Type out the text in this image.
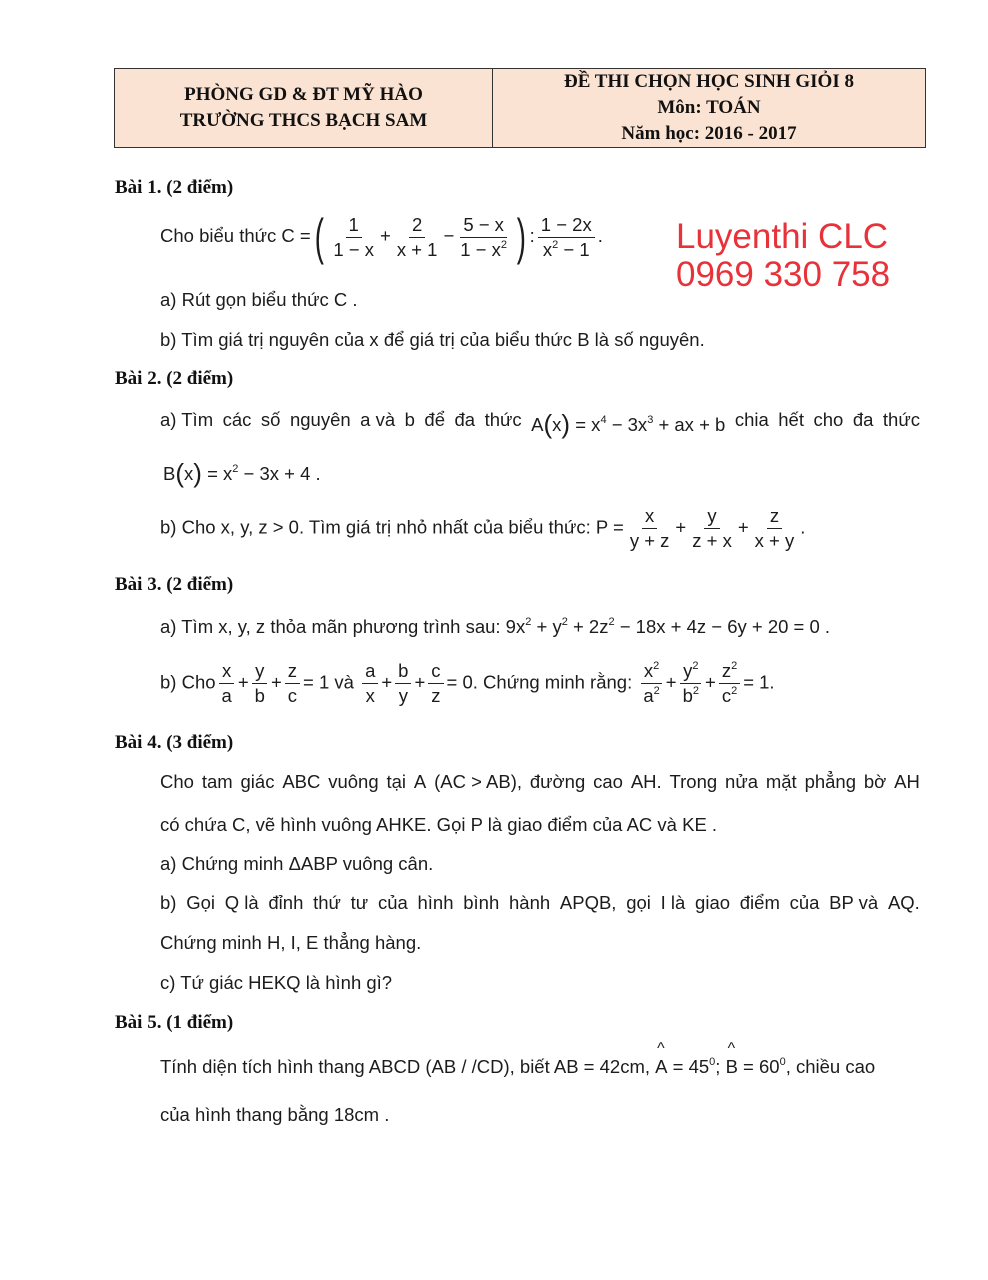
PHÒNG GD & ĐT MỸ HÀO
TRƯỜNG THCS BẠCH SAM
ĐỀ THI CHỌN HỌC SINH GIỎI 8
Môn: TOÁN
Năm học: 2016 - 2017
Luyenthi CLC
0969 330 758
Bài 1. (2 điểm)
Cho biểu thức C =( $\frac{1}{1 - x} + \frac{2}{x + 1} - \frac{5 - x}{1 - x^2}$ ) : $\frac{1 - 2x}{x^2 - 1}$ .
a) Rút gọn biểu thức C .
b) Tìm giá trị nguyên của x để giá trị của biểu thức B là số nguyên.
Bài 2. (2 điểm)
a) Tìm các số nguyên a và b để đa thức $A(x) = x^4 - 3x^3$ + ax + b chia hết cho đa thức
$B(x) = x^2 - 3x + 4$ .
b) Cho x, y, z > 0. Tìm giá trị nhỏ nhất của biểu thức: $P = \frac{x}{y + z} + \frac{y}{z + x} + \frac{z}{x + y}$ .
Bài 3. (2 điểm)
a) Tìm x, y, z thỏa mãn phương trình sau: $9x^2 + y^2 + 2z^2 - 18x + 4z - 6y + 20 = 0$ .
b) Cho $\frac{x}{a} + \frac{y}{b} + \frac{z}{c} = 1$ và $\frac{a}{x} + \frac{b}{y} + \frac{c}{z} = 0$. Chứng minh rằng: $\frac{x^2}{a^2} + \frac{y^2}{b^2} + \frac{z^2}{c^2} = 1$.
Bài 4. (3 điểm)
Cho tam giác ABC vuông tại A (AC > AB), đường cao AH. Trong nửa mặt phẳng bờ AH
có chứa C, vẽ hình vuông AHKE. Gọi P là giao điểm của AC và KE .
a) Chứng minh ΔABP vuông cân.
b) Gọi Q là đỉnh thứ tư của hình bình hành APQB, gọi I là giao điểm của BP và AQ.
Chứng minh H, I, E thẳng hàng.
c) Tứ giác HEKQ là hình gì?
Bài 5. (1 điểm)
Tính diện tích hình thang ABCD (AB / /CD), biết AB = 42cm, ^ $A = 45^0$; ^ $B = 60^0$, chiều cao
của hình thang bằng 18cm .
